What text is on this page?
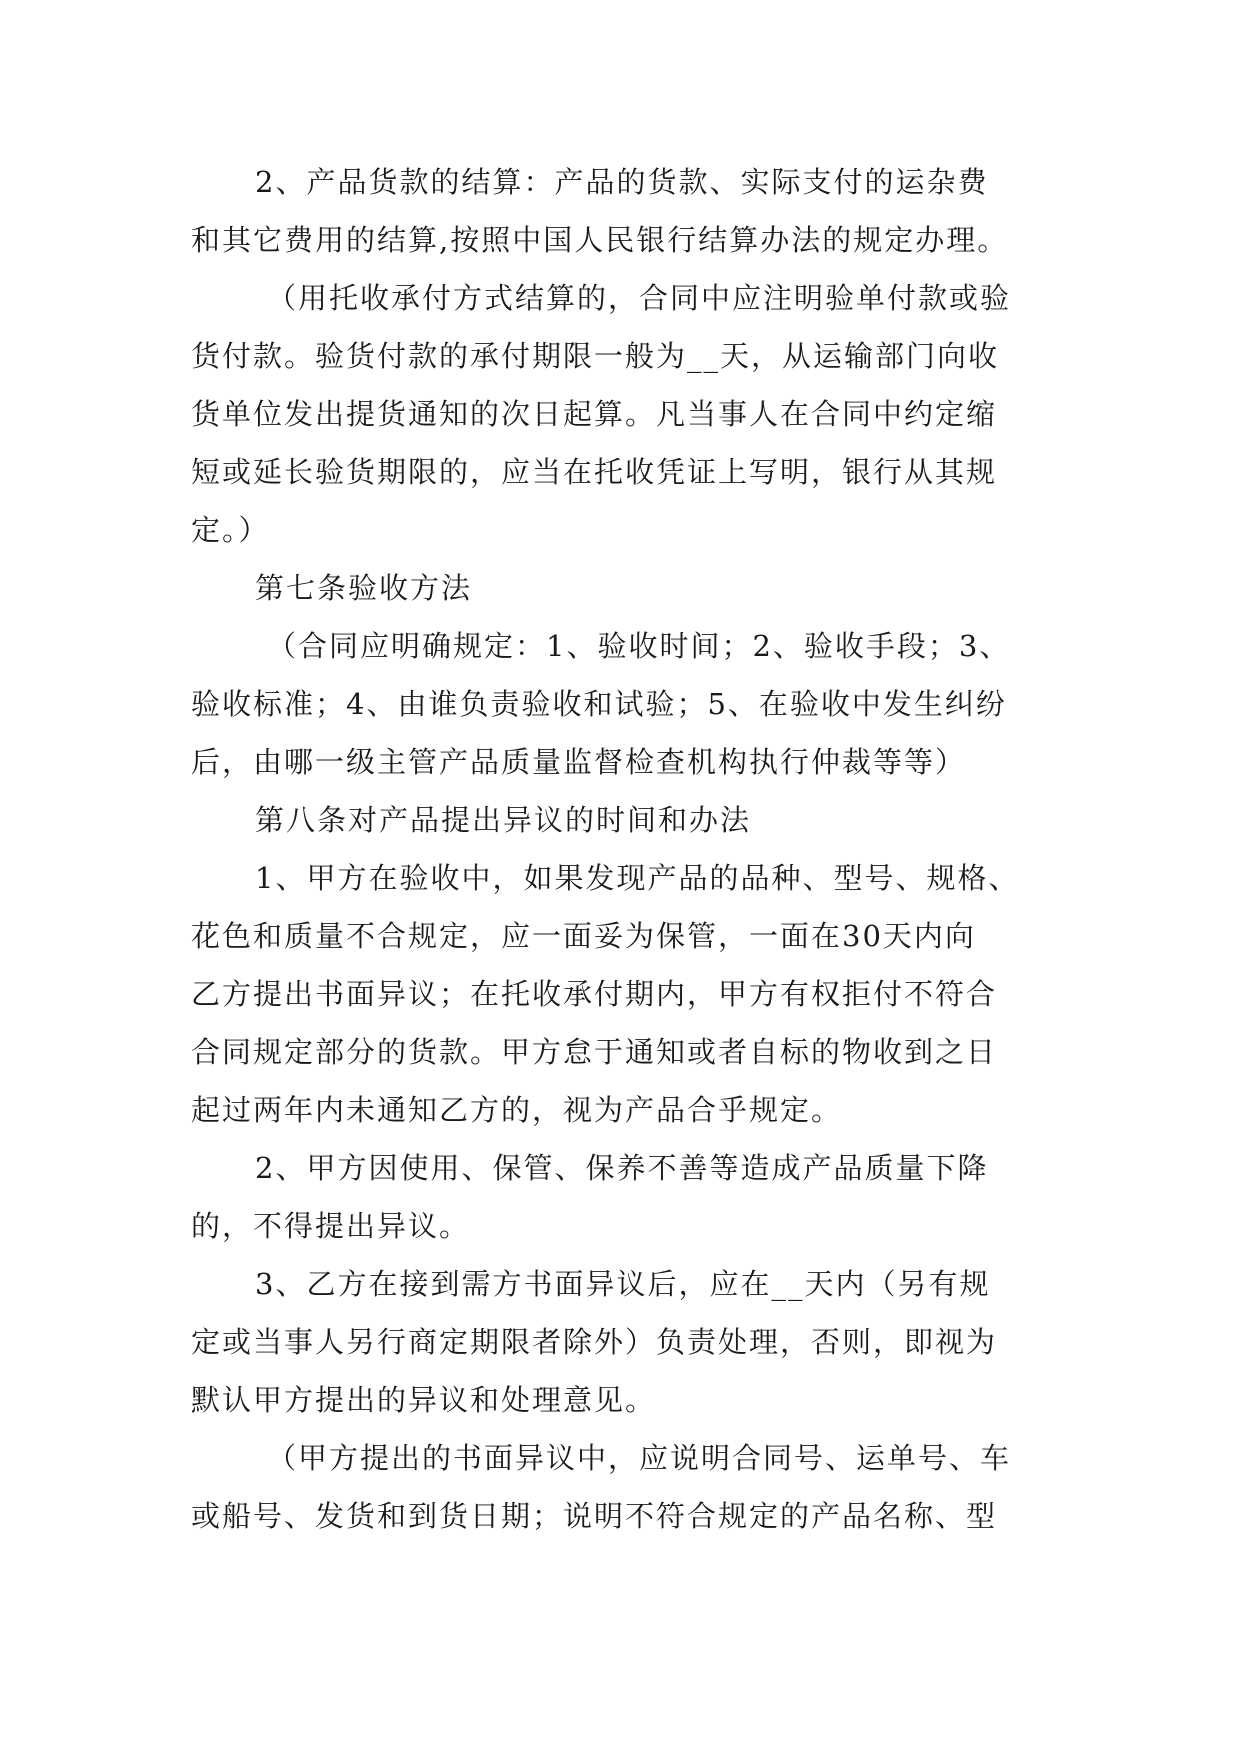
2、产品货款的结算：产品的货款、实际支付的运杂费
和其它费用的结算,按照中国人民银行结算办法的规定办理。
（用托收承付方式结算的，合同中应注明验单付款或验
货付款。验货付款的承付期限一般为__天，从运输部门向收
货单位发出提货通知的次日起算。凡当事人在合同中约定缩
短或延长验货期限的，应当在托收凭证上写明，银行从其规
定。）
第七条验收方法
（合同应明确规定：1、验收时间；2、验收手段；3、
验收标准；4、由谁负责验收和试验；5、在验收中发生纠纷
后，由哪一级主管产品质量监督检查机构执行仲裁等等）
第八条对产品提出异议的时间和办法
1、甲方在验收中，如果发现产品的品种、型号、规格、
花色和质量不合规定，应一面妥为保管，一面在30天内向
乙方提出书面异议；在托收承付期内，甲方有权拒付不符合
合同规定部分的货款。甲方怠于通知或者自标的物收到之日
起过两年内未通知乙方的，视为产品合乎规定。
2、甲方因使用、保管、保养不善等造成产品质量下降
的，不得提出异议。
3、乙方在接到需方书面异议后，应在__天内（另有规
定或当事人另行商定期限者除外）负责处理，否则，即视为
默认甲方提出的异议和处理意见。
（甲方提出的书面异议中，应说明合同号、运单号、车
或船号、发货和到货日期；说明不符合规定的产品名称、型
